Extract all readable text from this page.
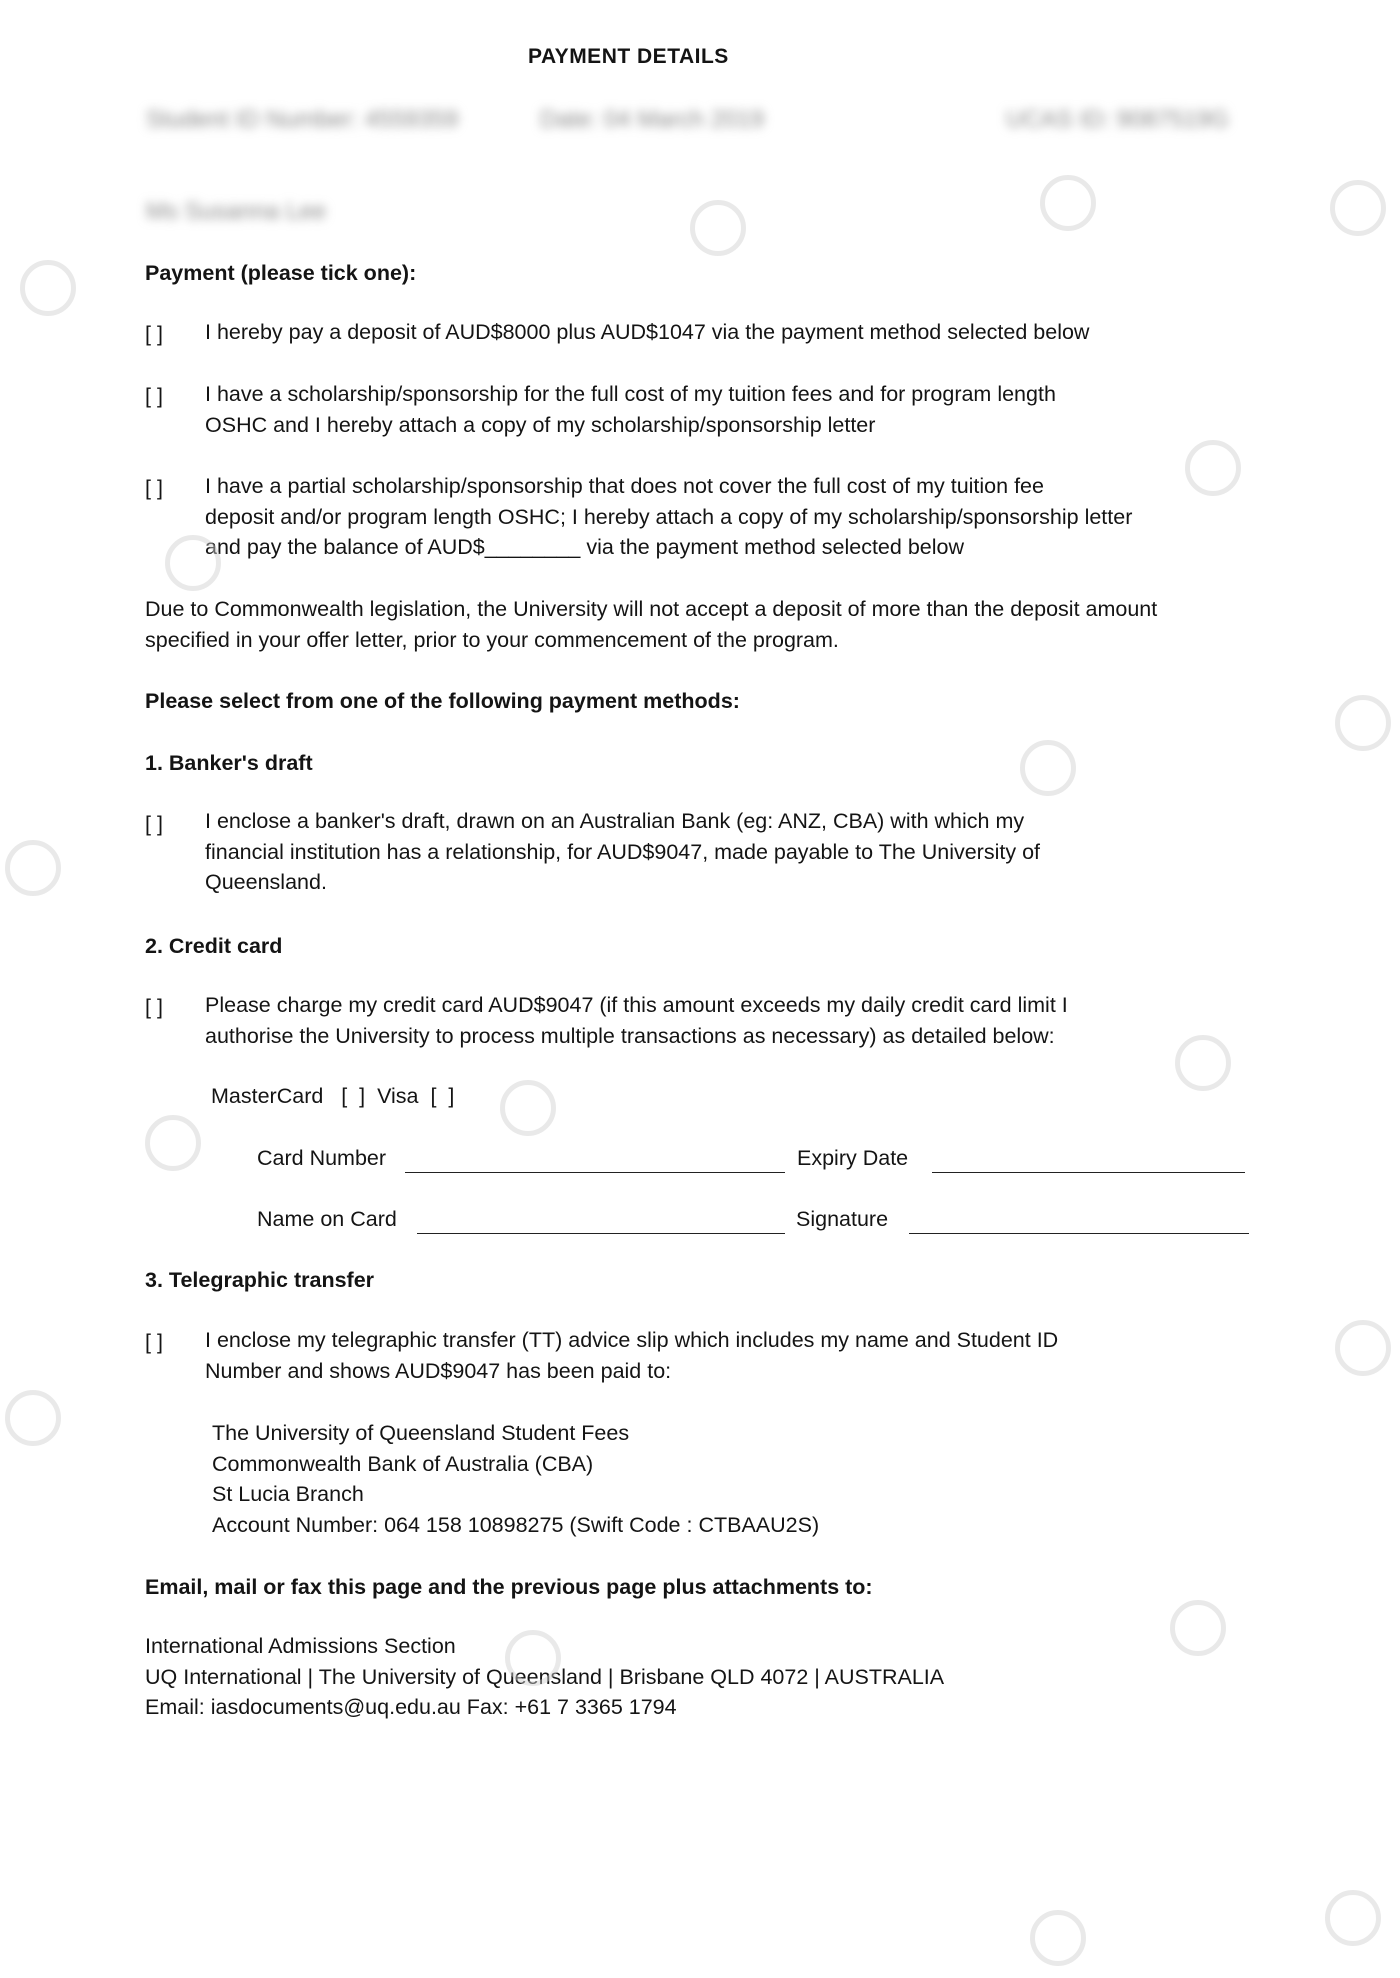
PAYMENT DETAILS
Student ID Number: 4559359	Date: 04 March 2019	UCAS ID: 9087519G
Ms Susanna Lee
Payment (please tick one):
[ ] I hereby pay a deposit of AUD$8000 plus AUD$1047 via the payment method selected below
[ ] I have a scholarship/sponsorship for the full cost of my tuition fees and for program length
OSHC and I hereby attach a copy of my scholarship/sponsorship letter
[ ] I have a partial scholarship/sponsorship that does not cover the full cost of my tuition fee
deposit and/or program length OSHC; I hereby attach a copy of my scholarship/sponsorship letter
and pay the balance of AUD$________ via the payment method selected below
Due to Commonwealth legislation, the University will not accept a deposit of more than the deposit amount
specified in your offer letter, prior to your commencement of the program.
Please select from one of the following payment methods:
1. Banker's draft
[ ] I enclose a banker's draft, drawn on an Australian Bank (eg: ANZ, CBA) with which my
financial institution has a relationship, for AUD$9047, made payable to The University of
Queensland.
2. Credit card
[ ] Please charge my credit card AUD$9047 (if this amount exceeds my daily credit card limit I
authorise the University to process multiple transactions as necessary) as detailed below:
MasterCard   [  ]  Visa  [  ]
Card Number	Expiry Date
Name on Card	Signature
3. Telegraphic transfer
[ ] I enclose my telegraphic transfer (TT) advice slip which includes my name and Student ID
Number and shows AUD$9047 has been paid to:
The University of Queensland Student Fees
Commonwealth Bank of Australia (CBA)
St Lucia Branch
Account Number: 064 158 10898275 (Swift Code : CTBAAU2S)
Email, mail or fax this page and the previous page plus attachments to:
International Admissions Section
UQ International | The University of Queensland | Brisbane QLD 4072 | AUSTRALIA
Email: iasdocuments@uq.edu.au Fax: +61 7 3365 1794
